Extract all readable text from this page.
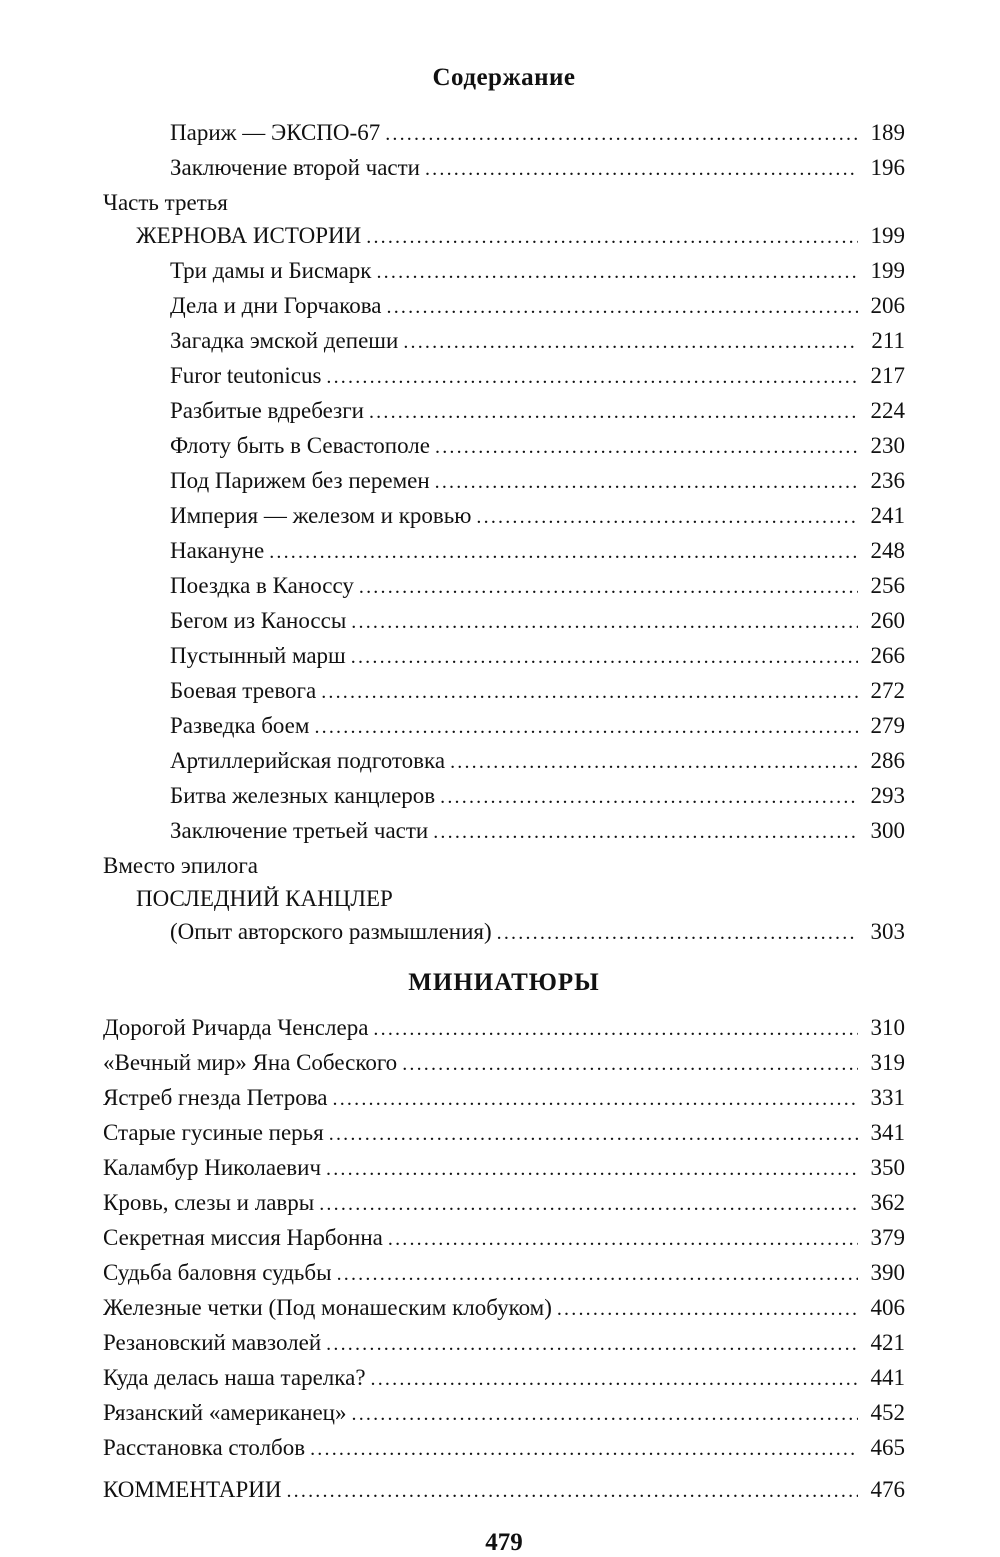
Содержание
Париж — ЭКСПО-67 .....	189
Заключение второй части .....	196
Часть третья
ЖЕРНОВА ИСТОРИИ .....	199
Три дамы и Бисмарк .....	199
Дела и дни Горчакова .....	206
Загадка эмской депеши .....	211
Furor teutonicus .....	217
Разбитые вдребезги .....	224
Флоту быть в Севастополе .....	230
Под Парижем без перемен .....	236
Империя — железом и кровью .....	241
Накануне .....	248
Поездка в Каноссу .....	256
Бегом из Каноссы .....	260
Пустынный марш .....	266
Боевая тревога .....	272
Разведка боем .....	279
Артиллерийская подготовка .....	286
Битва железных канцлеров .....	293
Заключение третьей части .....	300
Вместо эпилога
ПОСЛЕДНИЙ КАНЦЛЕР
(Опыт авторского размышления) .....	303
МИНИАТЮРЫ
Дорогой Ричарда Ченслера .....	310
«Вечный мир» Яна Собеского .....	319
Ястреб гнезда Петрова .....	331
Старые гусиные перья .....	341
Каламбур Николаевич .....	350
Кровь, слезы и лавры .....	362
Секретная миссия Нарбонна .....	379
Судьба баловня судьбы .....	390
Железные четки (Под монашеским клобуком) .....	406
Резановский мавзолей .....	421
Куда делась наша тарелка? .....	441
Рязанский «американец» .....	452
Расстановка столбов .....	465
КОММЕНТАРИИ .....	476
479
